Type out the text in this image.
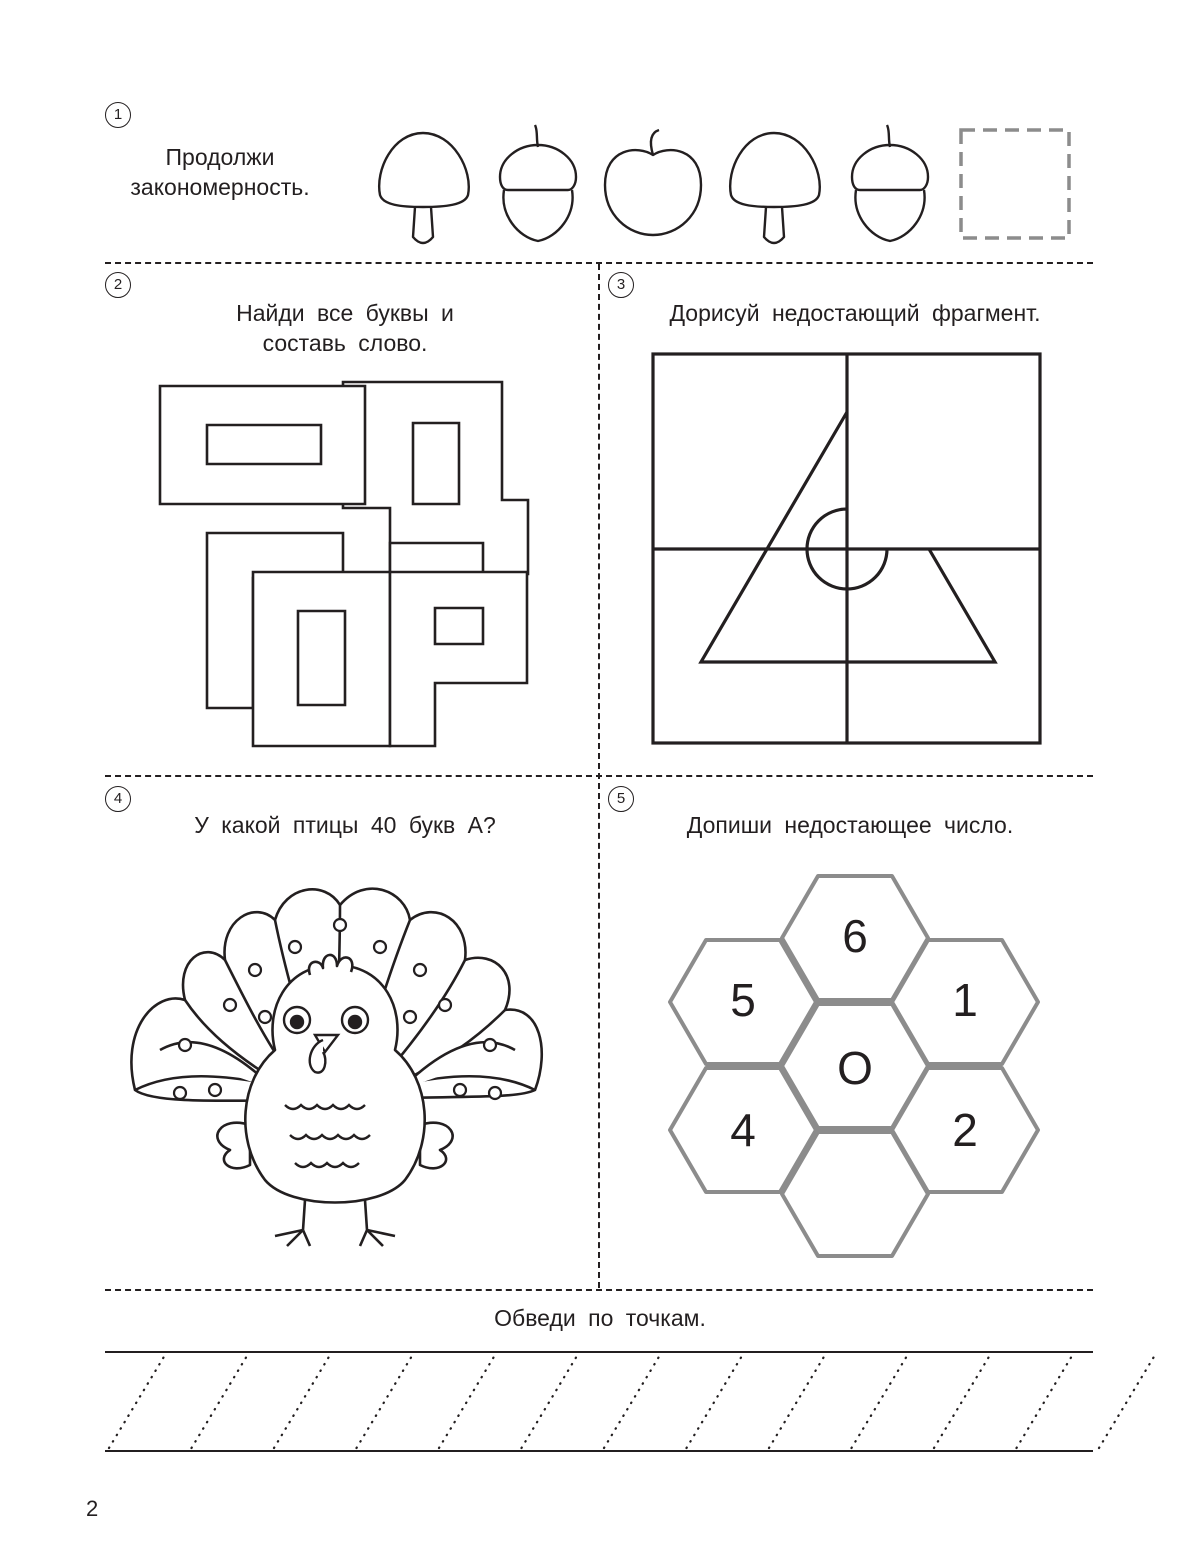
1
Продолжи закономерность.
2
Найди все буквы и составь слово.
3
Дорисуй недостающий фрагмент.
4
У какой птицы 40 букв А?
5
Допиши недостающее число.
6
5	1
О
4	2
Обведи по точкам.
2
